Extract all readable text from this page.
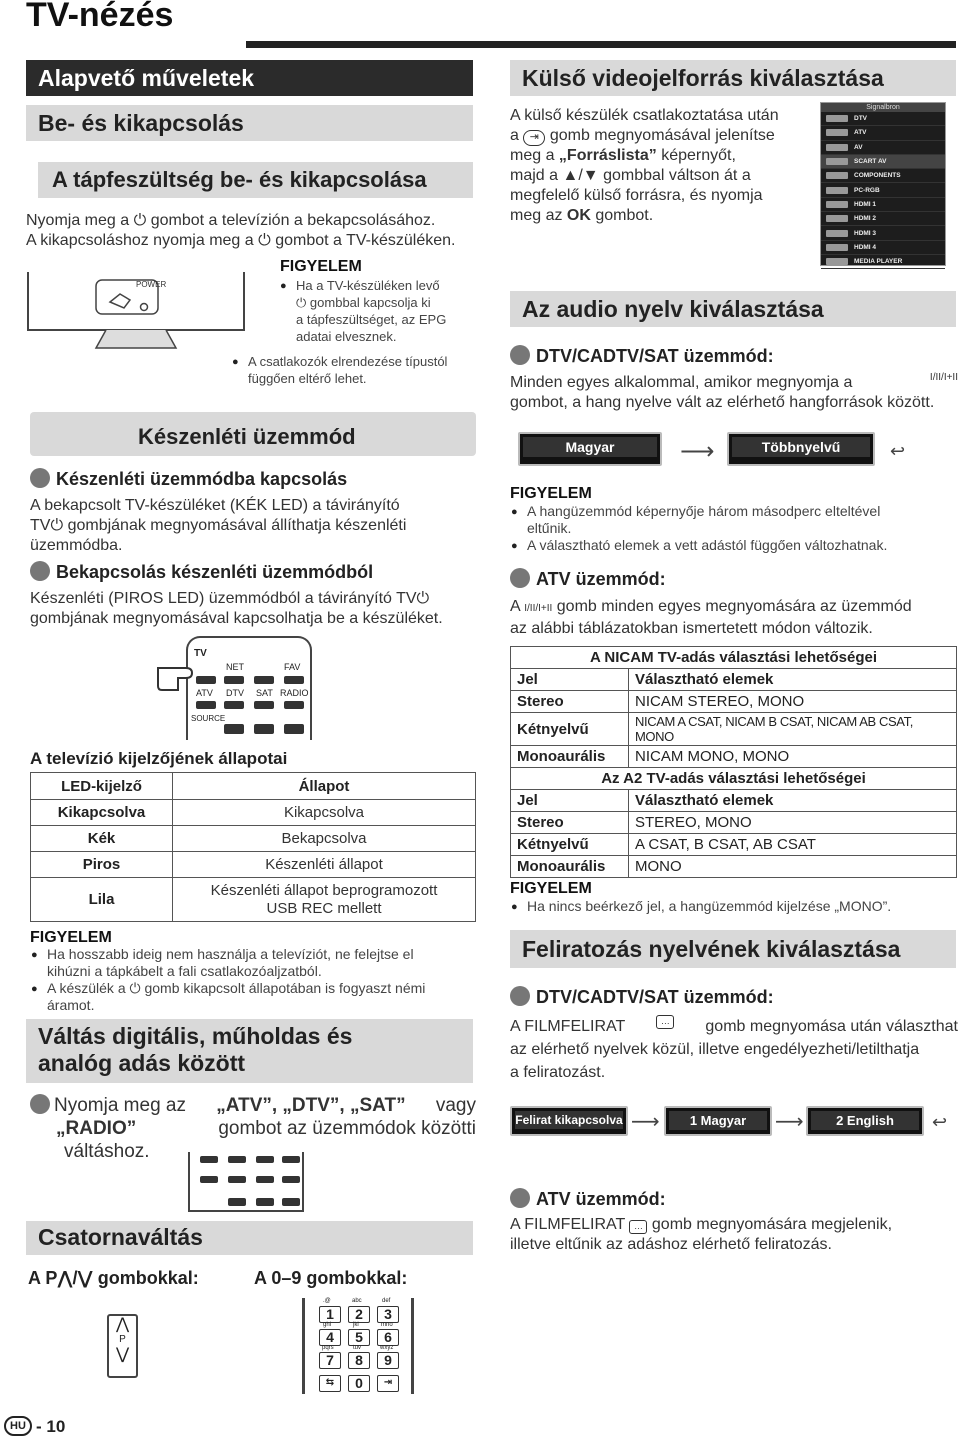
TV-nézés
Alapvető műveletek
Be- és kikapcsolás
A tápfeszültség be- és kikapcsolása
Nyomja meg a ⏻ gombot a televízión a bekapcsolásához.
A kikapcsoláshoz nyomja meg a ⏻ gombot a TV-készüléken.
POWER
FIGYELEM
● Ha a TV-készüléken levő
⏻ gombbal kapcsolja ki
a tápfeszültséget, az EPG
adatai elvesznek.
● A csatlakozók elrendezése típustól
függően eltérő lehet.
Készenléti üzemmód
Készenléti üzemmódba kapcsolás
A bekapcsolt TV-készüléket (KÉK LED) a távirányító
TV⏻ gombjának megnyomásával állíthatja készenléti
üzemmódba.
Bekapcsolás készenléti üzemmódból
Készenléti (PIROS LED) üzemmódból a távirányító TV⏻
gombjának megnyomásával kapcsolhatja be a készüléket.
TV
NET	FAV
ATV DTV SAT RADIO
SOURCE
A televízió kijelzőjének állapotai
LED-kijelző	Állapot
Kikapcsolva	Kikapcsolva
Kék	Bekapcsolva
Piros	Készenléti állapot
Lila	Készenléti állapot beprogramozott USB REC mellett
FIGYELEM
● Ha hosszabb ideig nem használja a televíziót, ne felejtse el
kihúzni a tápkábelt a fali csatlakozóaljzatból.
● A készülék a ⏻ gomb kikapcsolt állapotában is fogyaszt némi
áramot.
Váltás digitális, műholdas és
analóg adás között
Nyomja meg az „ATV”, „DTV”, „SAT” vagy
„RADIO”	gombot az üzemmódok közötti
váltáshoz.
Csatornaváltás
A P⋀/⋁ gombokkal:	A 0–9 gombokkal:
⋀
P
⋁
1	2	3
4	5	6
7	8	9
⇆	0	⇥
.@	abc	def
ghi	jkl	mno
pqrs	tuv	wxyz
HU - 10
Külső videojelforrás kiválasztása
A külső készülék csatlakoztatása után
a ⇥ gomb megnyomásával jelenítse
meg a „Forráslista” képernyőt,
majd a ▲/▼ gombbal váltson át a
megfelelő külső forrásra, és nyomja
meg az OK gombot.
Signalbron
DTV
ATV
AV
SCART AV
COMPONENTS
PC-RGB
HDMI 1
HDMI 2
HDMI 3
HDMI 4
MEDIA PLAYER
Az audio nyelv kiválasztása
DTV/CADTV/SAT üzemmód:
Minden egyes alkalommal, amikor megnyomja a	I/II/I+II
gombot, a hang nyelve vált az elérhető hangforrások között.
Magyar	⟶	Többnyelvű	↩
FIGYELEM
● A hangüzemmód képernyője három másodperc elteltével
eltűnik.
● A választható elemek a vett adástól függően változhatnak.
ATV üzemmód:
A I/II/I+II gomb minden egyes megnyomására az üzemmód
az alábbi táblázatokban ismertetett módon változik.
A NICAM TV-adás választási lehetőségei	
Jel	Választható elemek
Stereo	NICAM STEREO, MONO
Kétnyelvű	NICAM A CSAT, NICAM B CSAT, NICAM AB CSAT, MONO
Monoaurális	NICAM MONO, MONO
Az A2 TV-adás választási lehetőségei	
Jel	Választható elemek
Stereo	STEREO, MONO
Kétnyelvű	A CSAT, B CSAT, AB CSAT
Monoaurális	MONO
FIGYELEM
● Ha nincs beérkező jel, a hangüzemmód kijelzése „MONO”.
Feliratozás nyelvének kiválasztása
DTV/CADTV/SAT üzemmód:
A FILMFELIRAT	… gomb megnyomása után választhat
az elérhető nyelvek közül, illetve engedélyezheti/letilthatja
a feliratozást.
Felirat kikapcsolva ⟶	1 Magyar	⟶	2 English	↩
ATV üzemmód:
A FILMFELIRAT … gomb megnyomására megjelenik,
illetve eltűnik az adáshoz elérhető feliratozás.
